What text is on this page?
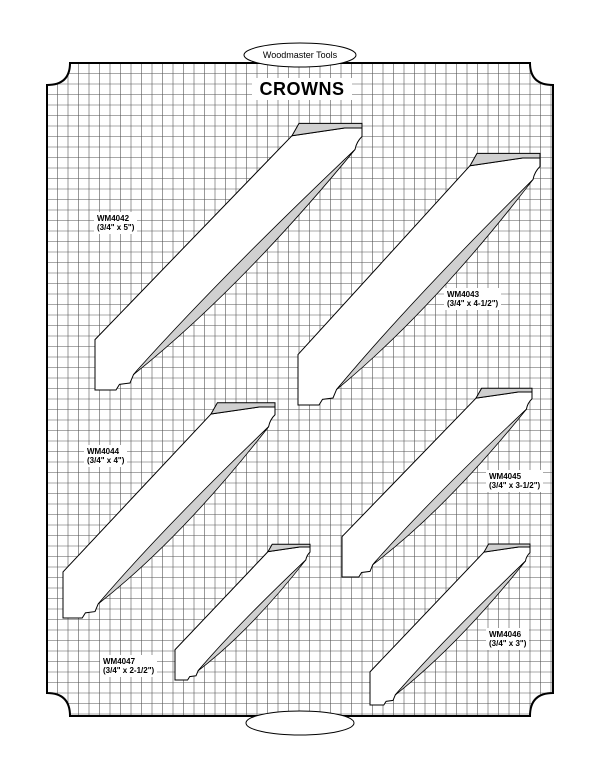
Woodmaster Tools
CROWNS
WM4042
(3/4" x 5")
WM4043
(3/4" x 4-1/2")
WM4044
(3/4" x 4")
WM4045
(3/4" x 3-1/2")
WM4047
(3/4" x 2-1/2")
WM4046
(3/4" x 3")
